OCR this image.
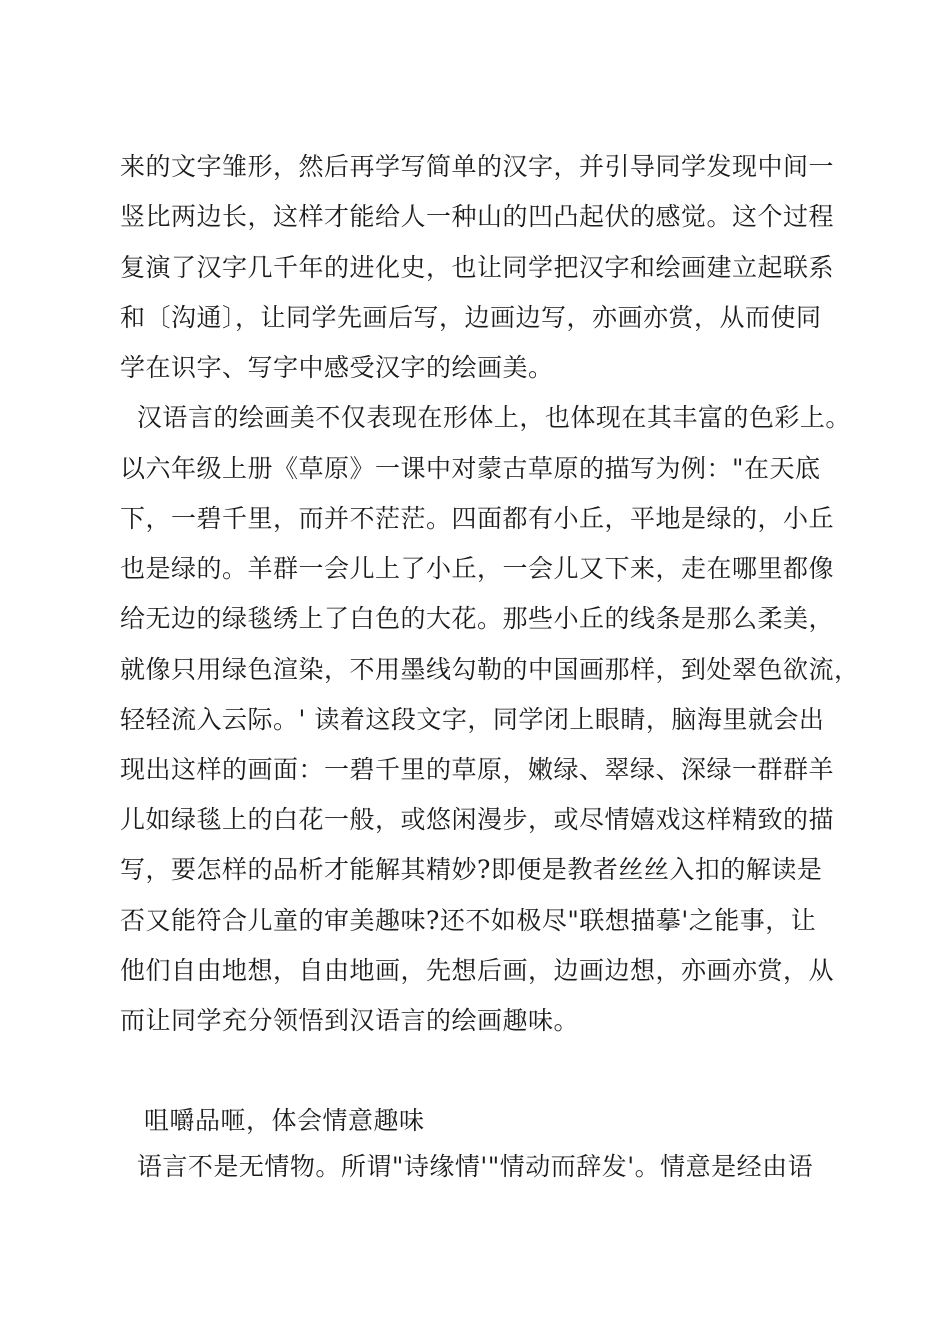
来的文字雏形，然后再学写简单的汉字，并引导同学发现中间一
竖比两边长，这样才能给人一种山的凹凸起伏的感觉。这个过程
复演了汉字几千年的进化史，也让同学把汉字和绘画建立起联系
和〔沟通〕，让同学先画后写，边画边写，亦画亦赏，从而使同
学在识字、写字中感受汉字的绘画美。
汉语言的绘画美不仅表现在形体上，也体现在其丰富的色彩上。
以六年级上册《草原》一课中对蒙古草原的描写为例："在天底
下，一碧千里，而并不茫茫。四面都有小丘，平地是绿的，小丘
也是绿的。羊群一会儿上了小丘，一会儿又下来，走在哪里都像
给无边的绿毯绣上了白色的大花。那些小丘的线条是那么柔美，
就像只用绿色渲染，不用墨线勾勒的中国画那样，到处翠色欲流，
轻轻流入云际。' 读着这段文字，同学闭上眼睛，脑海里就会出
现出这样的画面：一碧千里的草原，嫩绿、翠绿、深绿一群群羊
儿如绿毯上的白花一般，或悠闲漫步，或尽情嬉戏这样精致的描
写，要怎样的品析才能解其精妙?即便是教者丝丝入扣的解读是
否又能符合儿童的审美趣味?还不如极尽"联想描摹'之能事，让
他们自由地想，自由地画，先想后画，边画边想，亦画亦赏，从
而让同学充分领悟到汉语言的绘画趣味。
咀嚼品咂，体会情意趣味
语言不是无情物。所谓"诗缘情'"情动而辞发'。情意是经由语
